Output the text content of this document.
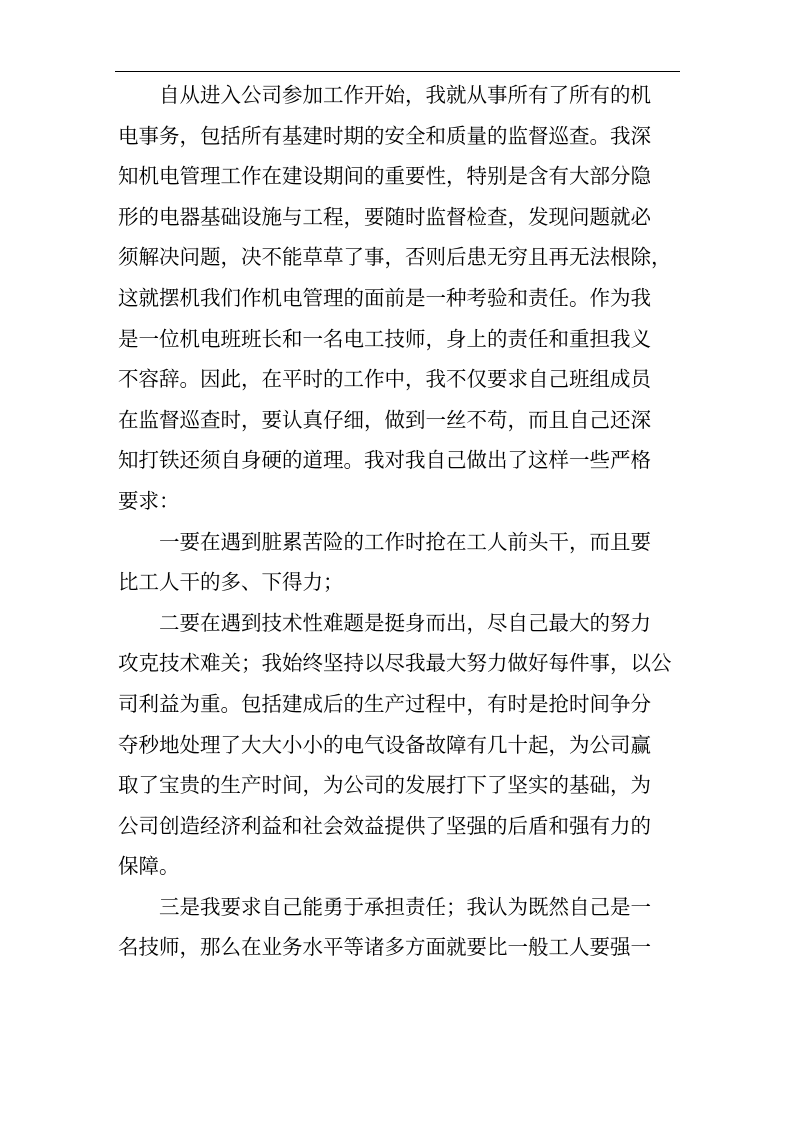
自从进入公司参加工作开始，我就从事所有了所有的机
电事务，包括所有基建时期的安全和质量的监督巡查。我深
知机电管理工作在建设期间的重要性，特别是含有大部分隐
形的电器基础设施与工程，要随时监督检查，发现问题就必
须解决问题，决不能草草了事，否则后患无穷且再无法根除，
这就摆机我们作机电管理的面前是一种考验和责任。作为我
是一位机电班班长和一名电工技师，身上的责任和重担我义
不容辞。因此，在平时的工作中，我不仅要求自己班组成员
在监督巡查时，要认真仔细，做到一丝不苟，而且自己还深
知打铁还须自身硬的道理。我对我自己做出了这样一些严格
要求：
一要在遇到脏累苦险的工作时抢在工人前头干，而且要
比工人干的多、下得力；
二要在遇到技术性难题是挺身而出，尽自己最大的努力
攻克技术难关；我始终坚持以尽我最大努力做好每件事，以公
司利益为重。包括建成后的生产过程中，有时是抢时间争分
夺秒地处理了大大小小的电气设备故障有几十起，为公司赢
取了宝贵的生产时间，为公司的发展打下了坚实的基础，为
公司创造经济利益和社会效益提供了坚强的后盾和强有力的
保障。
三是我要求自己能勇于承担责任；我认为既然自己是一
名技师，那么在业务水平等诸多方面就要比一般工人要强一
